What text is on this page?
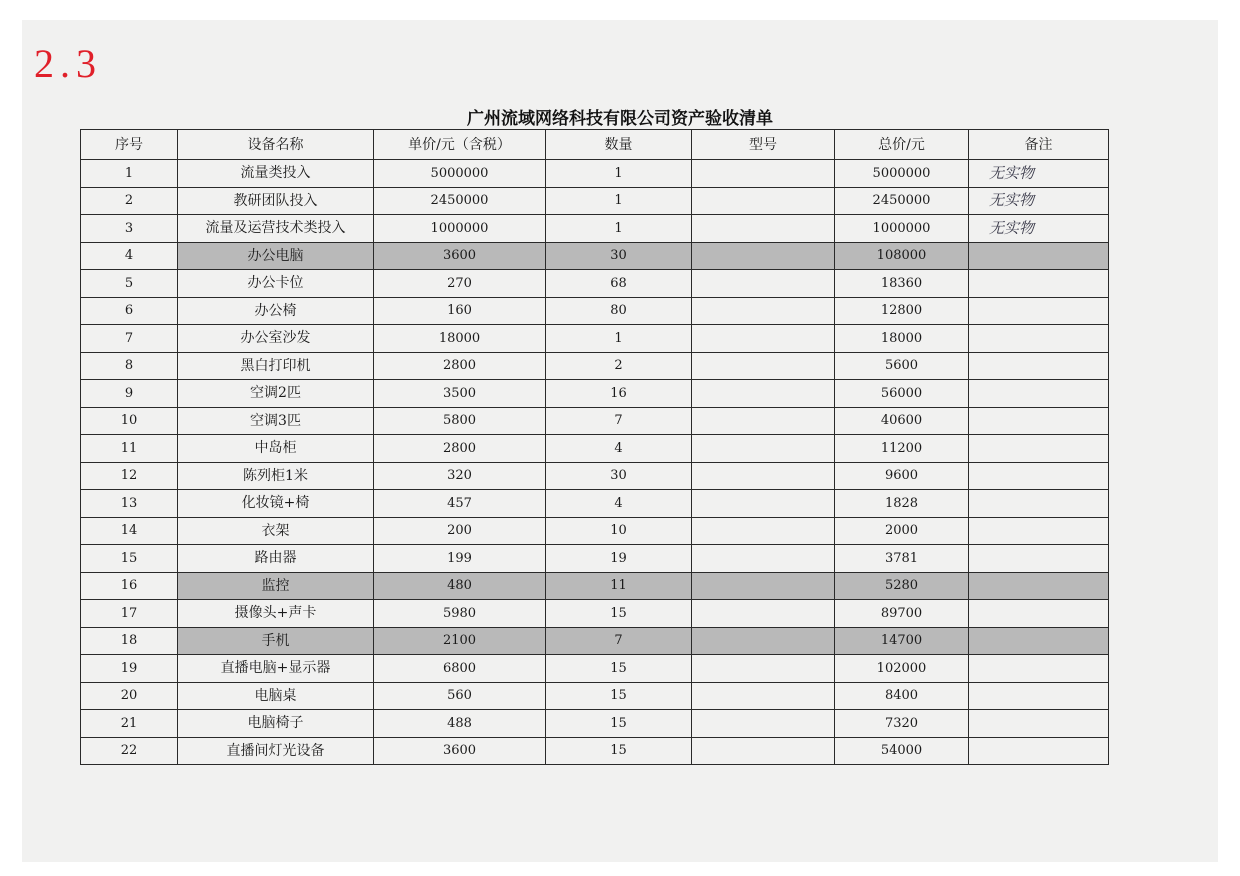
2.3
广州流域网络科技有限公司资产验收清单
序号	设备名称	单价/元（含税）	数量	型号	总价/元	备注
1	流量类投入	5000000	1		5000000	无实物
2	教研团队投入	2450000	1		2450000	无实物
3	流量及运营技术类投入	1000000	1		1000000	无实物
4	办公电脑	3600	30		108000	
5	办公卡位	270	68		18360	
6	办公椅	160	80		12800	
7	办公室沙发	18000	1		18000	
8	黑白打印机	2800	2		5600	
9	空调2匹	3500	16		56000	
10	空调3匹	5800	7		40600	
11	中岛柜	2800	4		11200	
12	陈列柜1米	320	30		9600	
13	化妆镜+椅	457	4		1828	
14	衣架	200	10		2000	
15	路由器	199	19		3781	
16	监控	480	11		5280	
17	摄像头+声卡	5980	15		89700	
18	手机	2100	7		14700	
19	直播电脑+显示器	6800	15		102000	
20	电脑桌	560	15		8400	
21	电脑椅子	488	15		7320	
22	直播间灯光设备	3600	15		54000	
